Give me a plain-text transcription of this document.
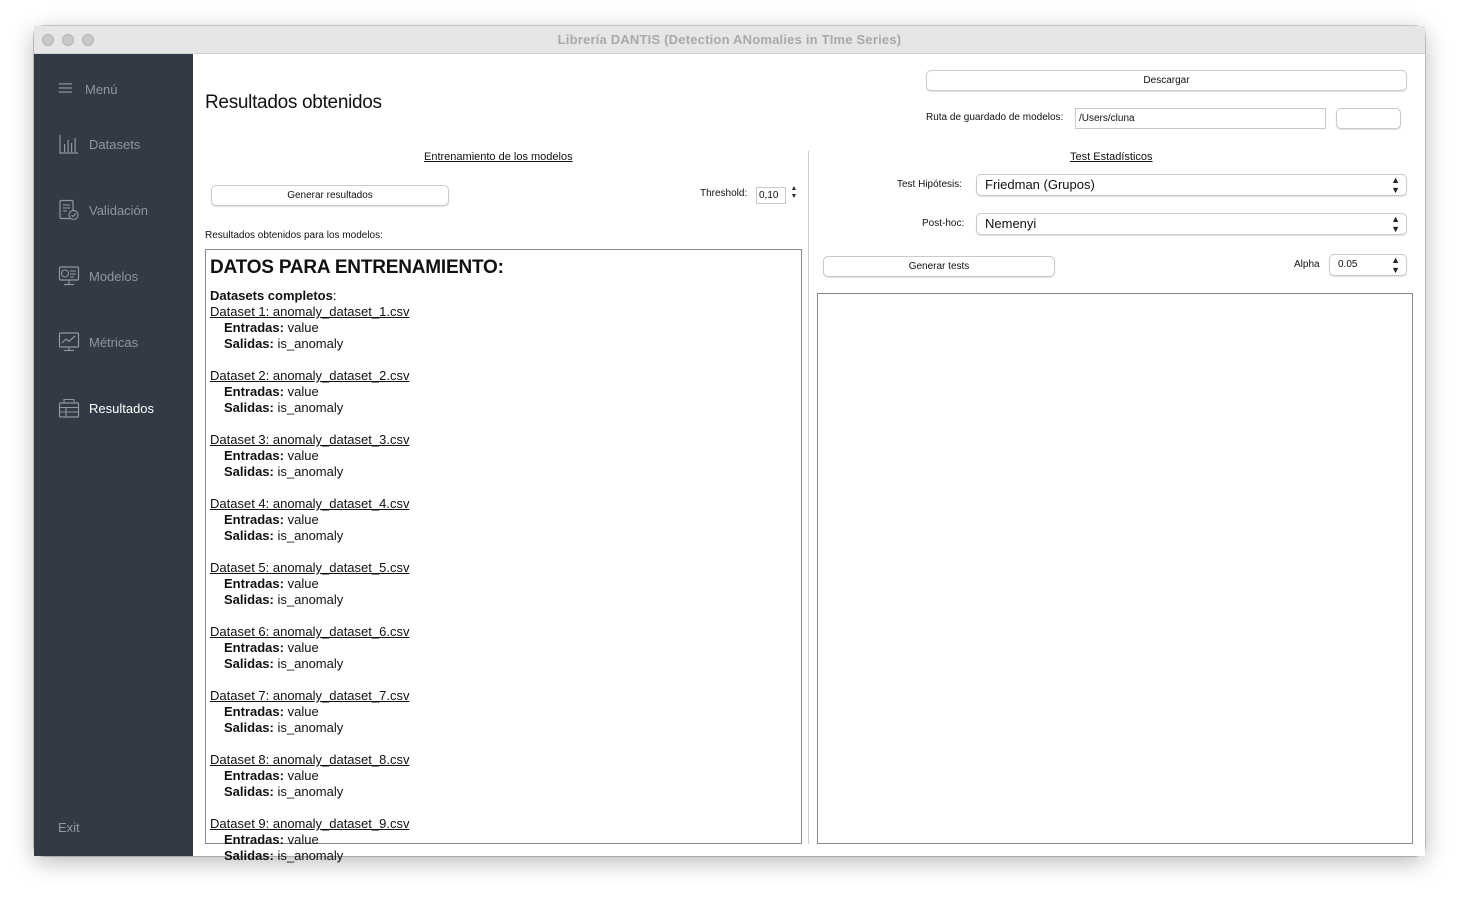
Librería DANTIS (Detection ANomalies in TIme Series)
Menú
Datasets
Validación
Modelos
Métricas
Resultados
Exit
Resultados obtenidos
Descargar
Ruta de guardado de modelos:
/Users/cluna
Entrenamiento de los modelos
Generar resultados	Threshold:	0,10
▲
▼
Resultados obtenidos para los modelos:
DATOS PARA ENTRENAMIENTO:
Datasets completos:
Dataset 1: anomaly_dataset_1.csv
Entradas: value
Salidas: is_anomaly
Dataset 2: anomaly_dataset_2.csv
Entradas: value
Salidas: is_anomaly
Dataset 3: anomaly_dataset_3.csv
Entradas: value
Salidas: is_anomaly
Dataset 4: anomaly_dataset_4.csv
Entradas: value
Salidas: is_anomaly
Dataset 5: anomaly_dataset_5.csv
Entradas: value
Salidas: is_anomaly
Dataset 6: anomaly_dataset_6.csv
Entradas: value
Salidas: is_anomaly
Dataset 7: anomaly_dataset_7.csv
Entradas: value
Salidas: is_anomaly
Dataset 8: anomaly_dataset_8.csv
Entradas: value
Salidas: is_anomaly
Dataset 9: anomaly_dataset_9.csv
Entradas: value
Salidas: is_anomaly
Test Estadísticos
Test Hipótesis:	Friedman (Grupos)	▲
▼
Post-hoc:	Nemenyi	▲
▼
Generar tests	Alpha	0.05	▲
▼
